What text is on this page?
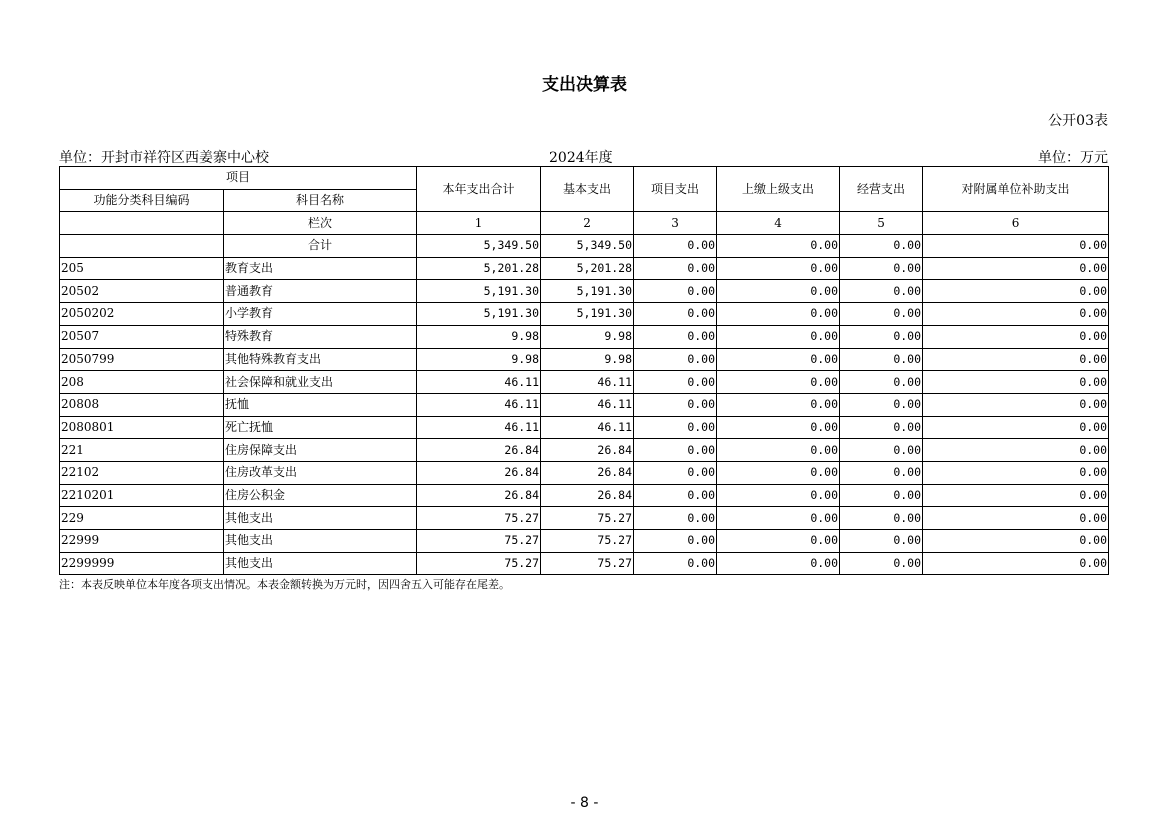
支出决算表
公开03表
单位：开封市祥符区西姜寨中心校	2024年度	单位：万元
项目		本年支出合计	基本支出	项目支出	上缴上级支出	经营支出	对附属单位补助支出
功能分类科目编码	科目名称						
	栏次	1	2	3	4	5	6
	合计	5,349.50	5,349.50	0.00	0.00	0.00	0.00
205	教育支出	5,201.28	5,201.28	0.00	0.00	0.00	0.00
20502	普通教育	5,191.30	5,191.30	0.00	0.00	0.00	0.00
2050202	小学教育	5,191.30	5,191.30	0.00	0.00	0.00	0.00
20507	特殊教育	9.98	9.98	0.00	0.00	0.00	0.00
2050799	其他特殊教育支出	9.98	9.98	0.00	0.00	0.00	0.00
208	社会保障和就业支出	46.11	46.11	0.00	0.00	0.00	0.00
20808	抚恤	46.11	46.11	0.00	0.00	0.00	0.00
2080801	死亡抚恤	46.11	46.11	0.00	0.00	0.00	0.00
221	住房保障支出	26.84	26.84	0.00	0.00	0.00	0.00
22102	住房改革支出	26.84	26.84	0.00	0.00	0.00	0.00
2210201	住房公积金	26.84	26.84	0.00	0.00	0.00	0.00
229	其他支出	75.27	75.27	0.00	0.00	0.00	0.00
22999	其他支出	75.27	75.27	0.00	0.00	0.00	0.00
2299999	其他支出	75.27	75.27	0.00	0.00	0.00	0.00
注：本表反映单位本年度各项支出情况。本表金额转换为万元时，因四舍五入可能存在尾差。
- 8 -
